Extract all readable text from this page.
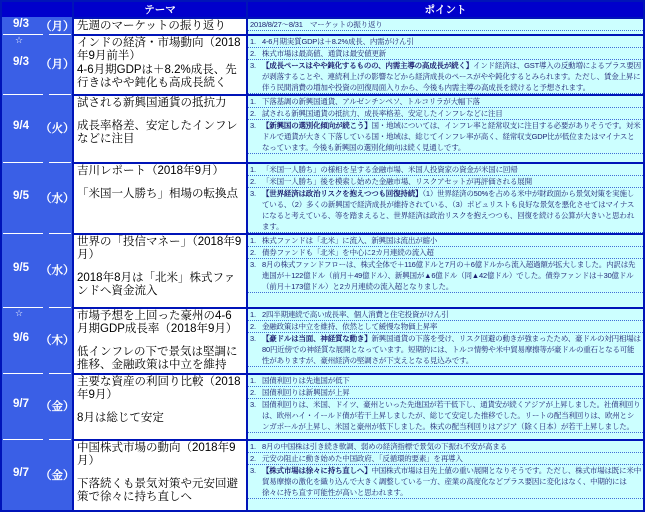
テーマ	ポイント
9/3 （月） 先週のマーケットの振り返り	2018/8/27～8/31　マーケットの振り返り
☆
9/3 （月）

インドの経済・市場動向（2018年9月前半）

4-6月期GDPは＋8.2%成長、先行きはやや鈍化も高成長続く

1. 4-6月期実質GDPは＋8.2%成長、内需がけん引
2. 株式市場は最高値、通貨は最安値更新
3. 【成長ペースはやや鈍化するものの、内需主導の高成長が続く】インド経済は、GST導入の反動増によるプラス要因が剥落することや、連続利上げの影響などから経済成長のペースがやや鈍化するとみられます。ただし、賃金上昇に伴う民間消費の増加や投資の回復局面入りから、今後も内需主導の高成長を続けると予想されます。
9/4 （火）

試される新興国通貨の抵抗力

成長率格差、安定したインフレなどに注目

1. 下落基調の新興国通貨、アルゼンチンペソ、トルコリラが大幅下落
2. 試される新興国通貨の抵抗力、成長率格差、安定したインフレなどに注目
3. 【新興国の選別化傾向が続こう】国・地域については、インフレ率と経常収支に注目する必要がありそうです。対米ドルで通貨が大きく下落している国・地域は、総じてインフレ率が高く、経常収支GDP比が低位またはマイナスとなっています。今後も新興国の選別化傾向は続く見通しです。
9/5 （水）

吉川レポート（2018年9月）

「米国一人勝ち」相場の転換点

1. 「米国一人勝ち」の様相を呈する金融市場、米国人投資家の資金が米国に回帰
2. 「米国一人勝ち」後を模索し始めた金融市場、リスクアセットが再評価される展開
3. 【世界経済は政治リスクを抱えつつも回復持続】（1）世界経済の50%を占める米中が財政面から景気対策を実施している、（2）多くの新興国で経済成長が維持されている、（3）ポピュリストも良好な景気を悪化させてはマイナスになると考えている、等を踏まえると、世界経済は政治リスクを抱えつつも、回復を続ける公算が大きいと思われます。
9/5 （水）

世界の「投信マネー」（2018年9月）

2018年8月は「北米」株式ファンドへ資金流入

1. 株式ファンドは「北米」に流入、新興国は流出が縮小
2. 債券ファンドも「北米」を中心に2カ月連続の流入超
3. 8月の株式ファンドフローは、株式全体で＋116億ドルと7月の＋6億ドルから流入超過額が拡大しました。内訳は先進国が＋122億ドル（前月＋49億ドル）、新興国が▲6億ドル（同▲42億ドル）でした。債券ファンドは＋30億ドル（前月＋173億ドル）と2カ月連続の流入超となりました。
☆
9/6 （木）

市場予想を上回った豪州の4-6月期GDP成長率（2018年9月）

低インフレの下で景気は堅調に推移、金融政策は中立を維持

1. 2四半期連続で高い成長率、個人消費と住宅投資がけん引
2. 金融政策は中立を維持、依然として緩慢な物価上昇率
3. 【豪ドルは当面、神経質な動き】新興国通貨の下落を受け、リスク回避の動きが強まったため、豪ドルの対円相場は80円近傍での神経質な展開となっています。短期的には、トルコ情勢や米中貿易摩擦等が豪ドルの重石となる可能性がありますが、豪州経済の堅調さが下支えとなる見込みです。
9/7 （金）

主要な資産の利回り比較（2018年9月）

8月は総じて安定

1. 国債利回りは先進国が低下
2. 国債利回りは新興国が上昇
3. 国債利回りは、米国、ドイツ、豪州といった先進国が若干低下し、通貨安が続くアジアが上昇しました。社債利回りは、欧州ハイ・イールド債が若干上昇しましたが、総じて安定した推移でした。リートの配当利回りは、欧州とシンガポールが上昇し、米国と豪州が低下しました。株式の配当利回りはアジア（除く日本）が若干上昇しました。
9/7 （金）

中国株式市場の動向（2018年9月）

下落続くも景気対策や元安回避策で徐々に持ち直しへ

1. 8月の中国株は引き続き軟調、弱めの経済指標で景気の下振れ不安が高まる
2. 元安の阻止に動き始めた中国政府、「反循環的要素」を再導入
3. 【株式市場は徐々に持ち直しへ】中国株式市場は目先上値の重い展開となりそうです。ただし、株式市場は既に米中貿易摩擦の激化を織り込んで大きく調整している一方、産業の高度化などプラス要因に変化はなく、中期的には徐々に持ち直す可能性が高いと思われます。
